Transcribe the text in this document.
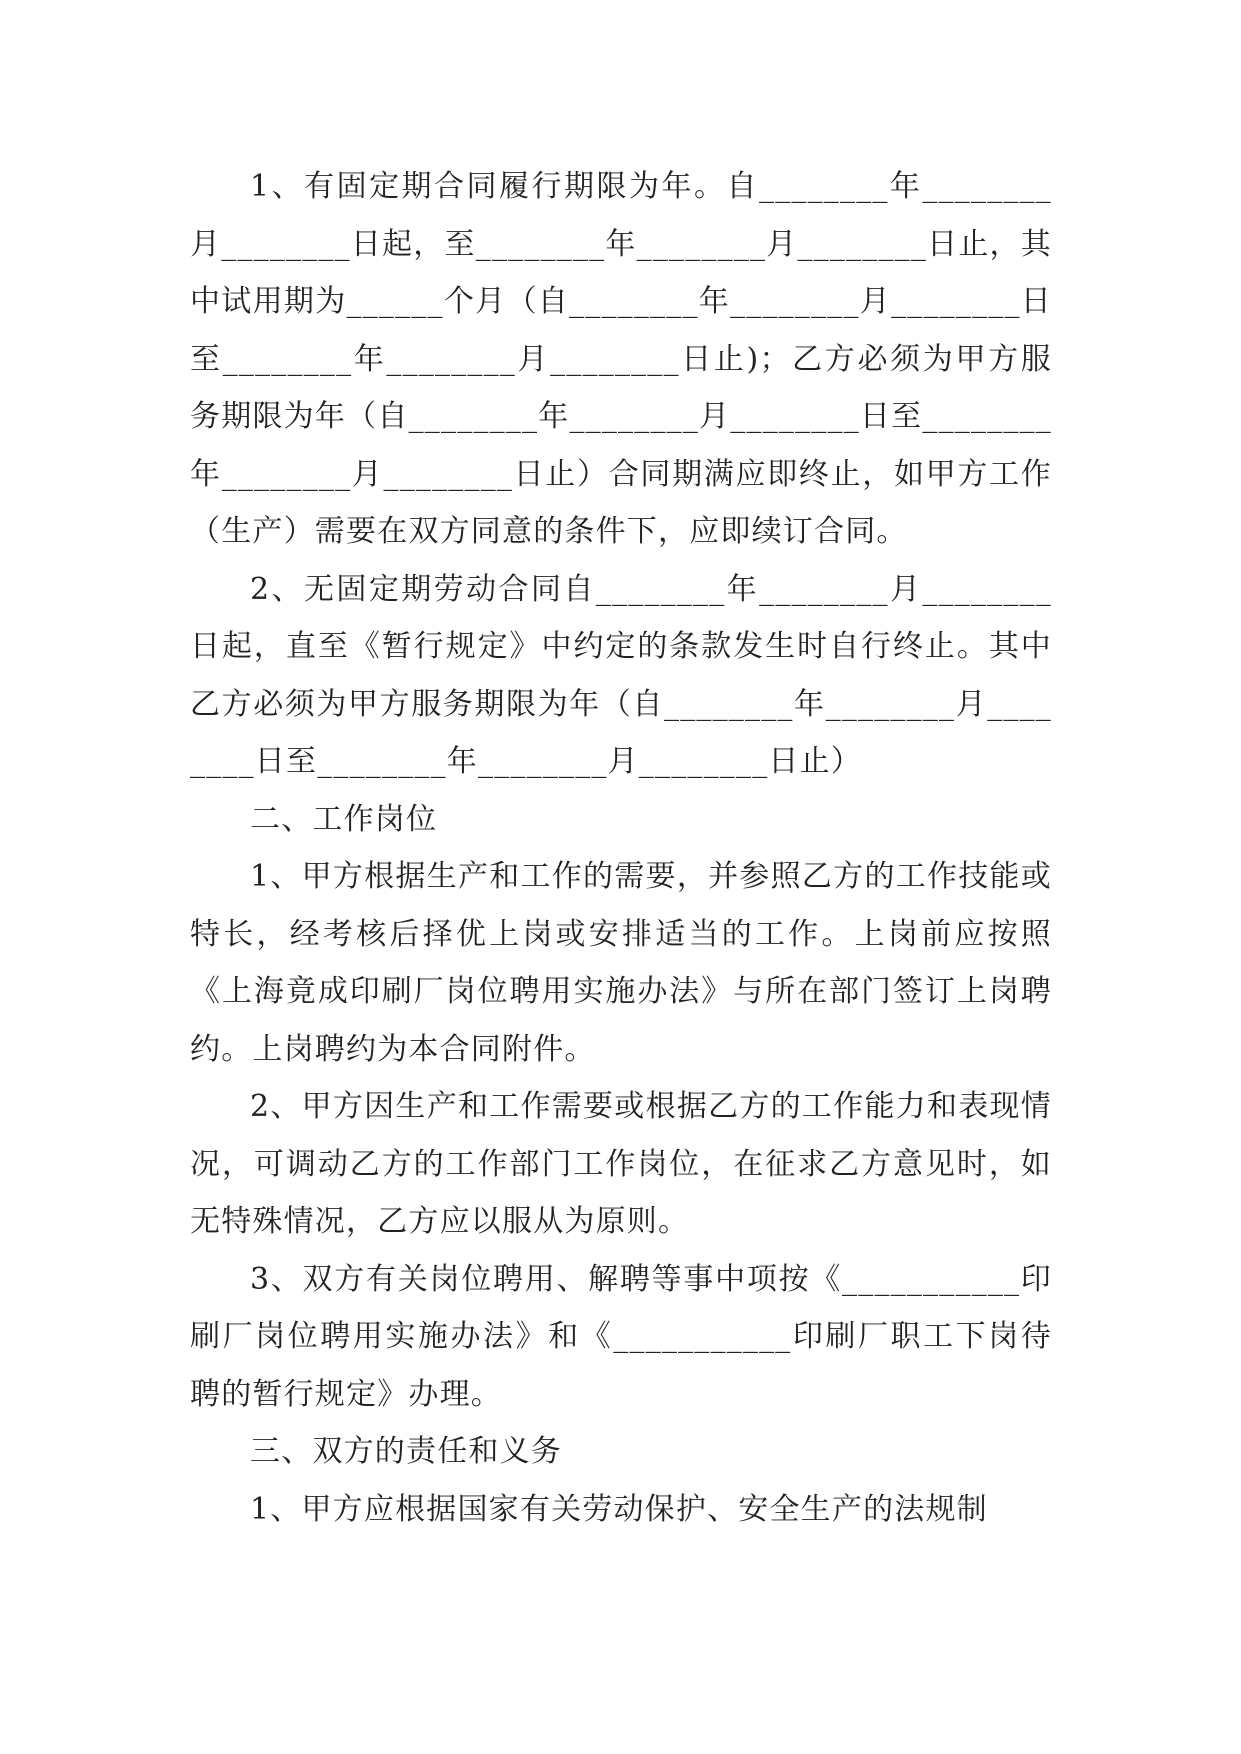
1、有固定期合同履行期限为年。自________年________月________日起，至________年________月________日止，其中试用期为______个月（自________年________月________日至________年________月________日止)；乙方必须为甲方服务期限为年（自________年________月________日至________年________月________日止）合同期满应即终止，如甲方工作（生产）需要在双方同意的条件下，应即续订合同。

2、无固定期劳动合同自________年________月________日起，直至《暂行规定》中约定的条款发生时自行终止。其中乙方必须为甲方服务期限为年（自________年________月________日至________年________月________日止）

二、工作岗位

1、甲方根据生产和工作的需要，并参照乙方的工作技能或特长，经考核后择优上岗或安排适当的工作。上岗前应按照《上海竟成印刷厂岗位聘用实施办法》与所在部门签订上岗聘约。上岗聘约为本合同附件。

2、甲方因生产和工作需要或根据乙方的工作能力和表现情况，可调动乙方的工作部门工作岗位，在征求乙方意见时，如无特殊情况，乙方应以服从为原则。

3、双方有关岗位聘用、解聘等事中项按《___________印刷厂岗位聘用实施办法》和《___________印刷厂职工下岗待聘的暂行规定》办理。

三、双方的责任和义务

1、甲方应根据国家有关劳动保护、安全生产的法规制
